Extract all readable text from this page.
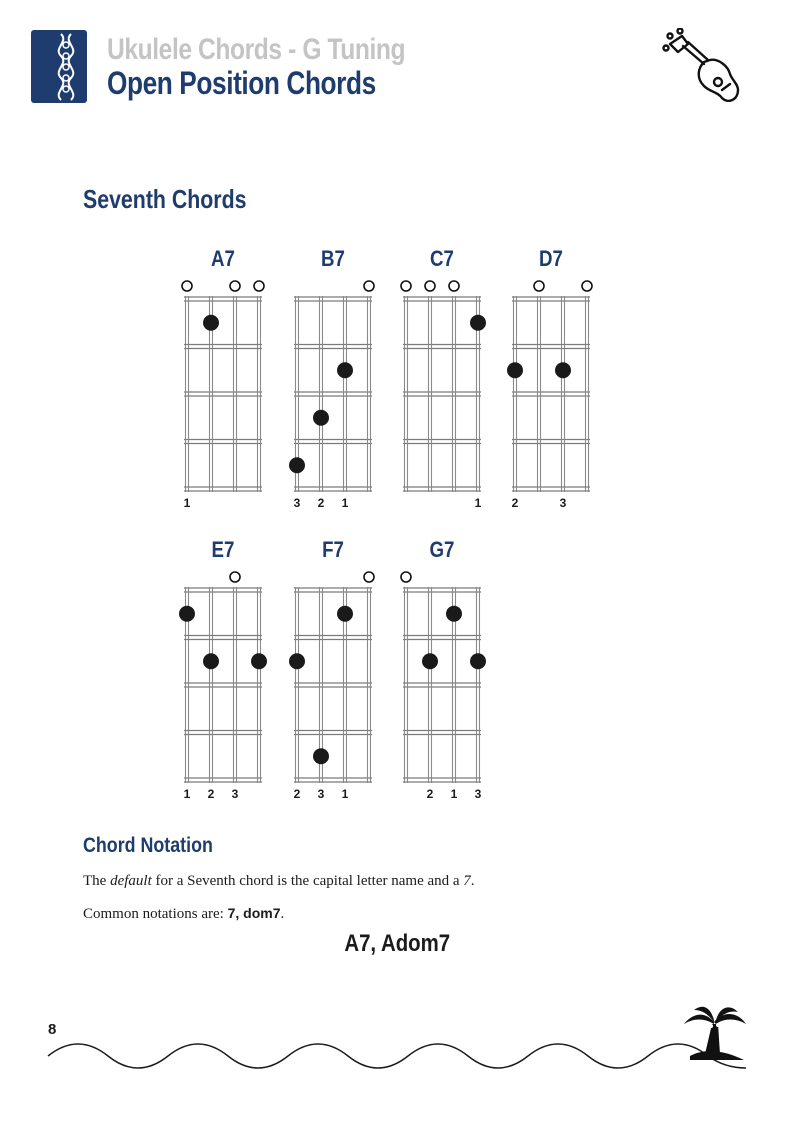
Ukulele Chords - G Tuning
Open Position Chords
Seventh Chords
A7
1
B7
3 2 1
C7
1
D7
2	3
E7
1 2 3
F7
2 3 1
G7
2 1 3
Chord Notation
The default for a Seventh chord is the capital letter name and a 7.
Common notations are: 7, dom7.
A7, Adom7
8
